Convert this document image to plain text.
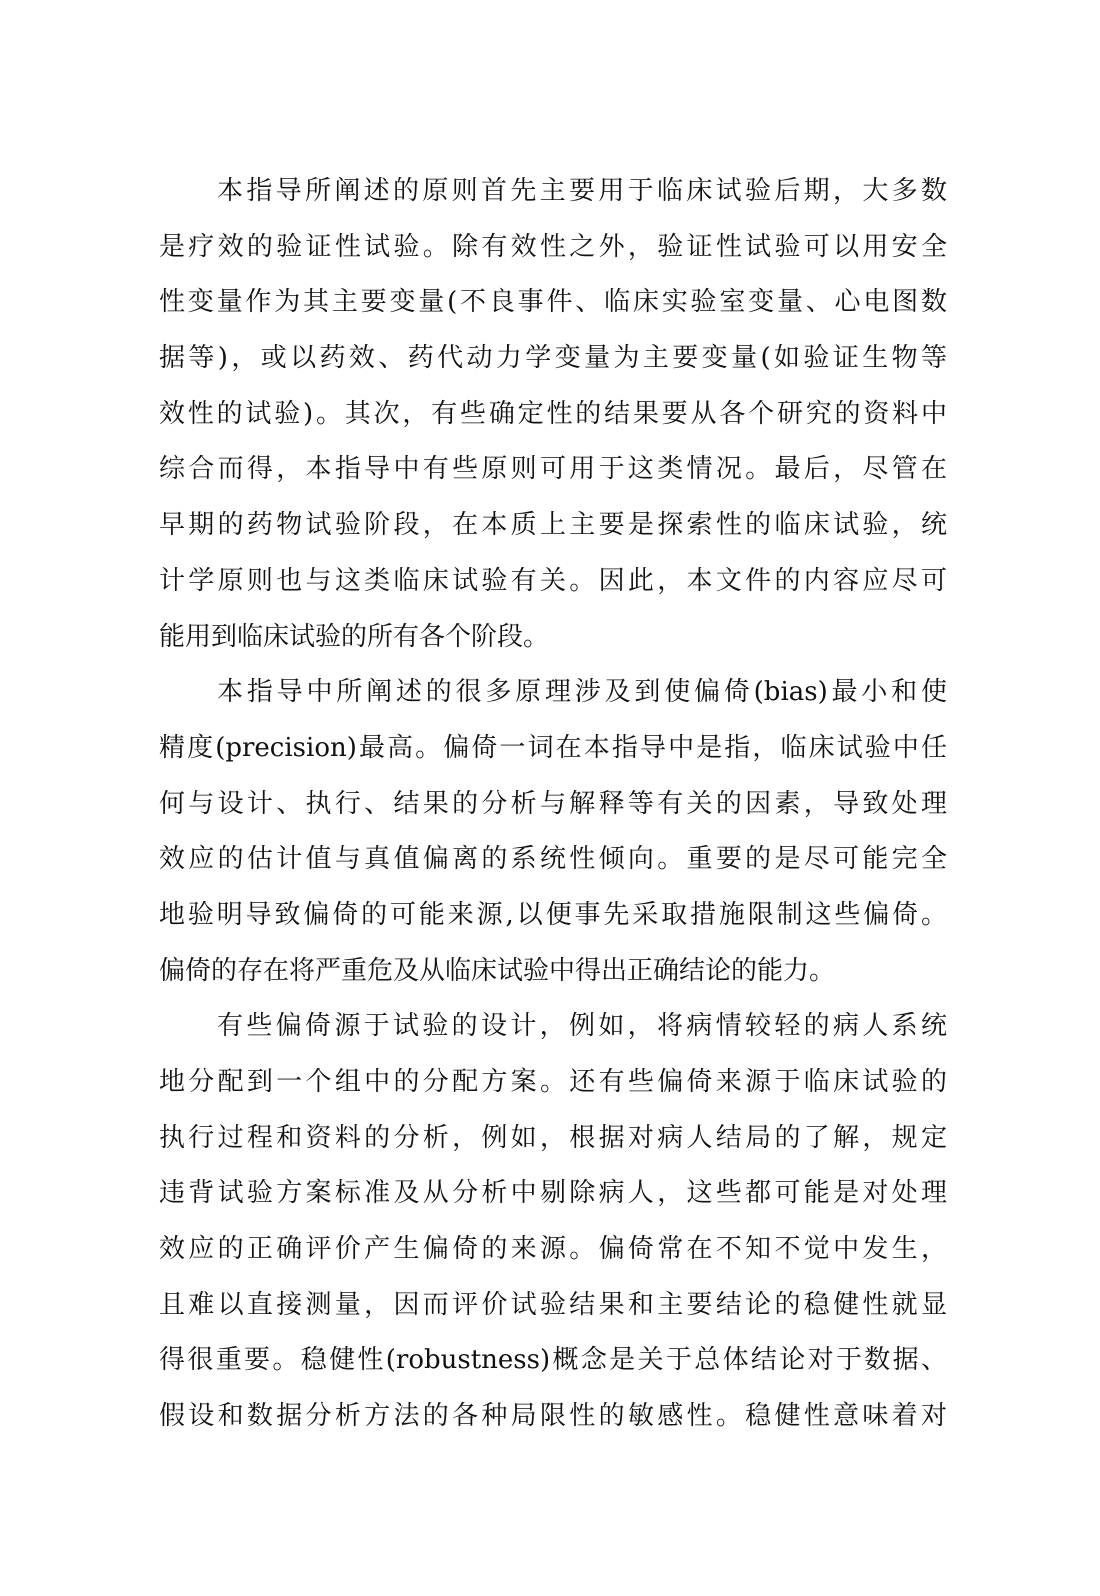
本指导所阐述的原则首先主要用于临床试验后期，大多数
是疗效的验证性试验。除有效性之外，验证性试验可以用安全
性变量作为其主要变量(不良事件、临床实验室变量、心电图数
据等)，或以药效、药代动力学变量为主要变量(如验证生物等
效性的试验)。其次，有些确定性的结果要从各个研究的资料中
综合而得，本指导中有些原则可用于这类情况。最后，尽管在
早期的药物试验阶段，在本质上主要是探索性的临床试验，统
计学原则也与这类临床试验有关。因此，本文件的内容应尽可
能用到临床试验的所有各个阶段。
本指导中所阐述的很多原理涉及到使偏倚(bias)最小和使
精度(precision)最高。偏倚一词在本指导中是指，临床试验中任
何与设计、执行、结果的分析与解释等有关的因素，导致处理
效应的估计值与真值偏离的系统性倾向。重要的是尽可能完全
地验明导致偏倚的可能来源,以便事先采取措施限制这些偏倚。
偏倚的存在将严重危及从临床试验中得出正确结论的能力。
有些偏倚源于试验的设计，例如，将病情较轻的病人系统
地分配到一个组中的分配方案。还有些偏倚来源于临床试验的
执行过程和资料的分析，例如，根据对病人结局的了解，规定
违背试验方案标准及从分析中剔除病人，这些都可能是对处理
效应的正确评价产生偏倚的来源。偏倚常在不知不觉中发生，
且难以直接测量，因而评价试验结果和主要结论的稳健性就显
得很重要。稳健性(robustness)概念是关于总体结论对于数据、
假设和数据分析方法的各种局限性的敏感性。稳健性意味着对
